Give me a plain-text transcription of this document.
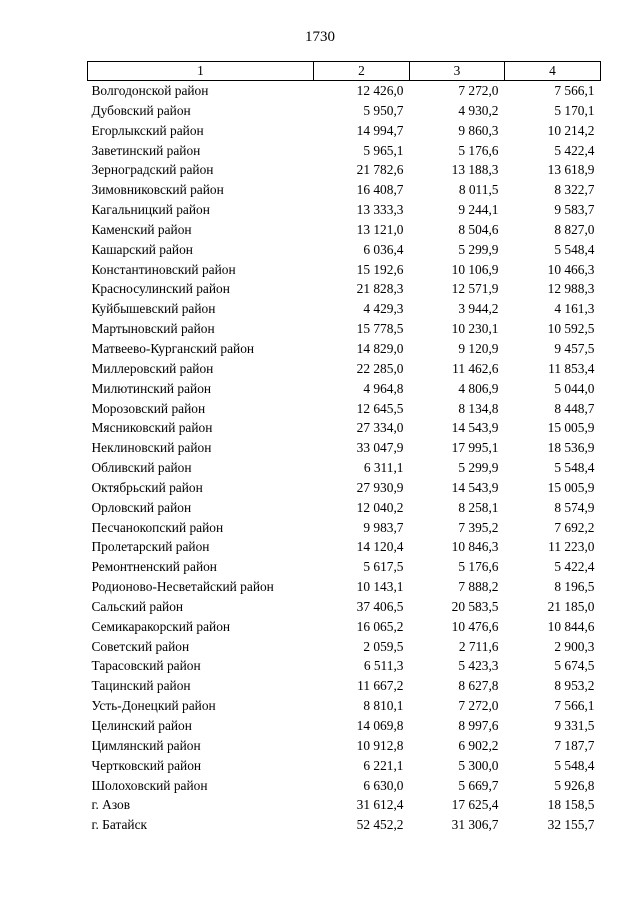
1730
1	2	3	4
Волгодонской район	12 426,0	7 272,0	7 566,1
Дубовский район	5 950,7	4 930,2	5 170,1
Егорлыкский район	14 994,7	9 860,3	10 214,2
Заветинский район	5 965,1	5 176,6	5 422,4
Зерноградский район	21 782,6	13 188,3	13 618,9
Зимовниковский район	16 408,7	8 011,5	8 322,7
Кагальницкий район	13 333,3	9 244,1	9 583,7
Каменский район	13 121,0	8 504,6	8 827,0
Кашарский район	6 036,4	5 299,9	5 548,4
Константиновский район	15 192,6	10 106,9	10 466,3
Красносулинский район	21 828,3	12 571,9	12 988,3
Куйбышевский район	4 429,3	3 944,2	4 161,3
Мартыновский район	15 778,5	10 230,1	10 592,5
Матвеево-Курганский район	14 829,0	9 120,9	9 457,5
Миллеровский район	22 285,0	11 462,6	11 853,4
Милютинский район	4 964,8	4 806,9	5 044,0
Морозовский район	12 645,5	8 134,8	8 448,7
Мясниковский район	27 334,0	14 543,9	15 005,9
Неклиновский район	33 047,9	17 995,1	18 536,9
Обливский район	6 311,1	5 299,9	5 548,4
Октябрьский район	27 930,9	14 543,9	15 005,9
Орловский район	12 040,2	8 258,1	8 574,9
Песчанокопский район	9 983,7	7 395,2	7 692,2
Пролетарский район	14 120,4	10 846,3	11 223,0
Ремонтненский район	5 617,5	5 176,6	5 422,4
Родионово-Несветайский район	10 143,1	7 888,2	8 196,5
Сальский район	37 406,5	20 583,5	21 185,0
Семикаракорский район	16 065,2	10 476,6	10 844,6
Советский район	2 059,5	2 711,6	2 900,3
Тарасовский район	6 511,3	5 423,3	5 674,5
Тацинский район	11 667,2	8 627,8	8 953,2
Усть-Донецкий район	8 810,1	7 272,0	7 566,1
Целинский район	14 069,8	8 997,6	9 331,5
Цимлянский район	10 912,8	6 902,2	7 187,7
Чертковский район	6 221,1	5 300,0	5 548,4
Шолоховский район	6 630,0	5 669,7	5 926,8
г. Азов	31 612,4	17 625,4	18 158,5
г. Батайск	52 452,2	31 306,7	32 155,7
